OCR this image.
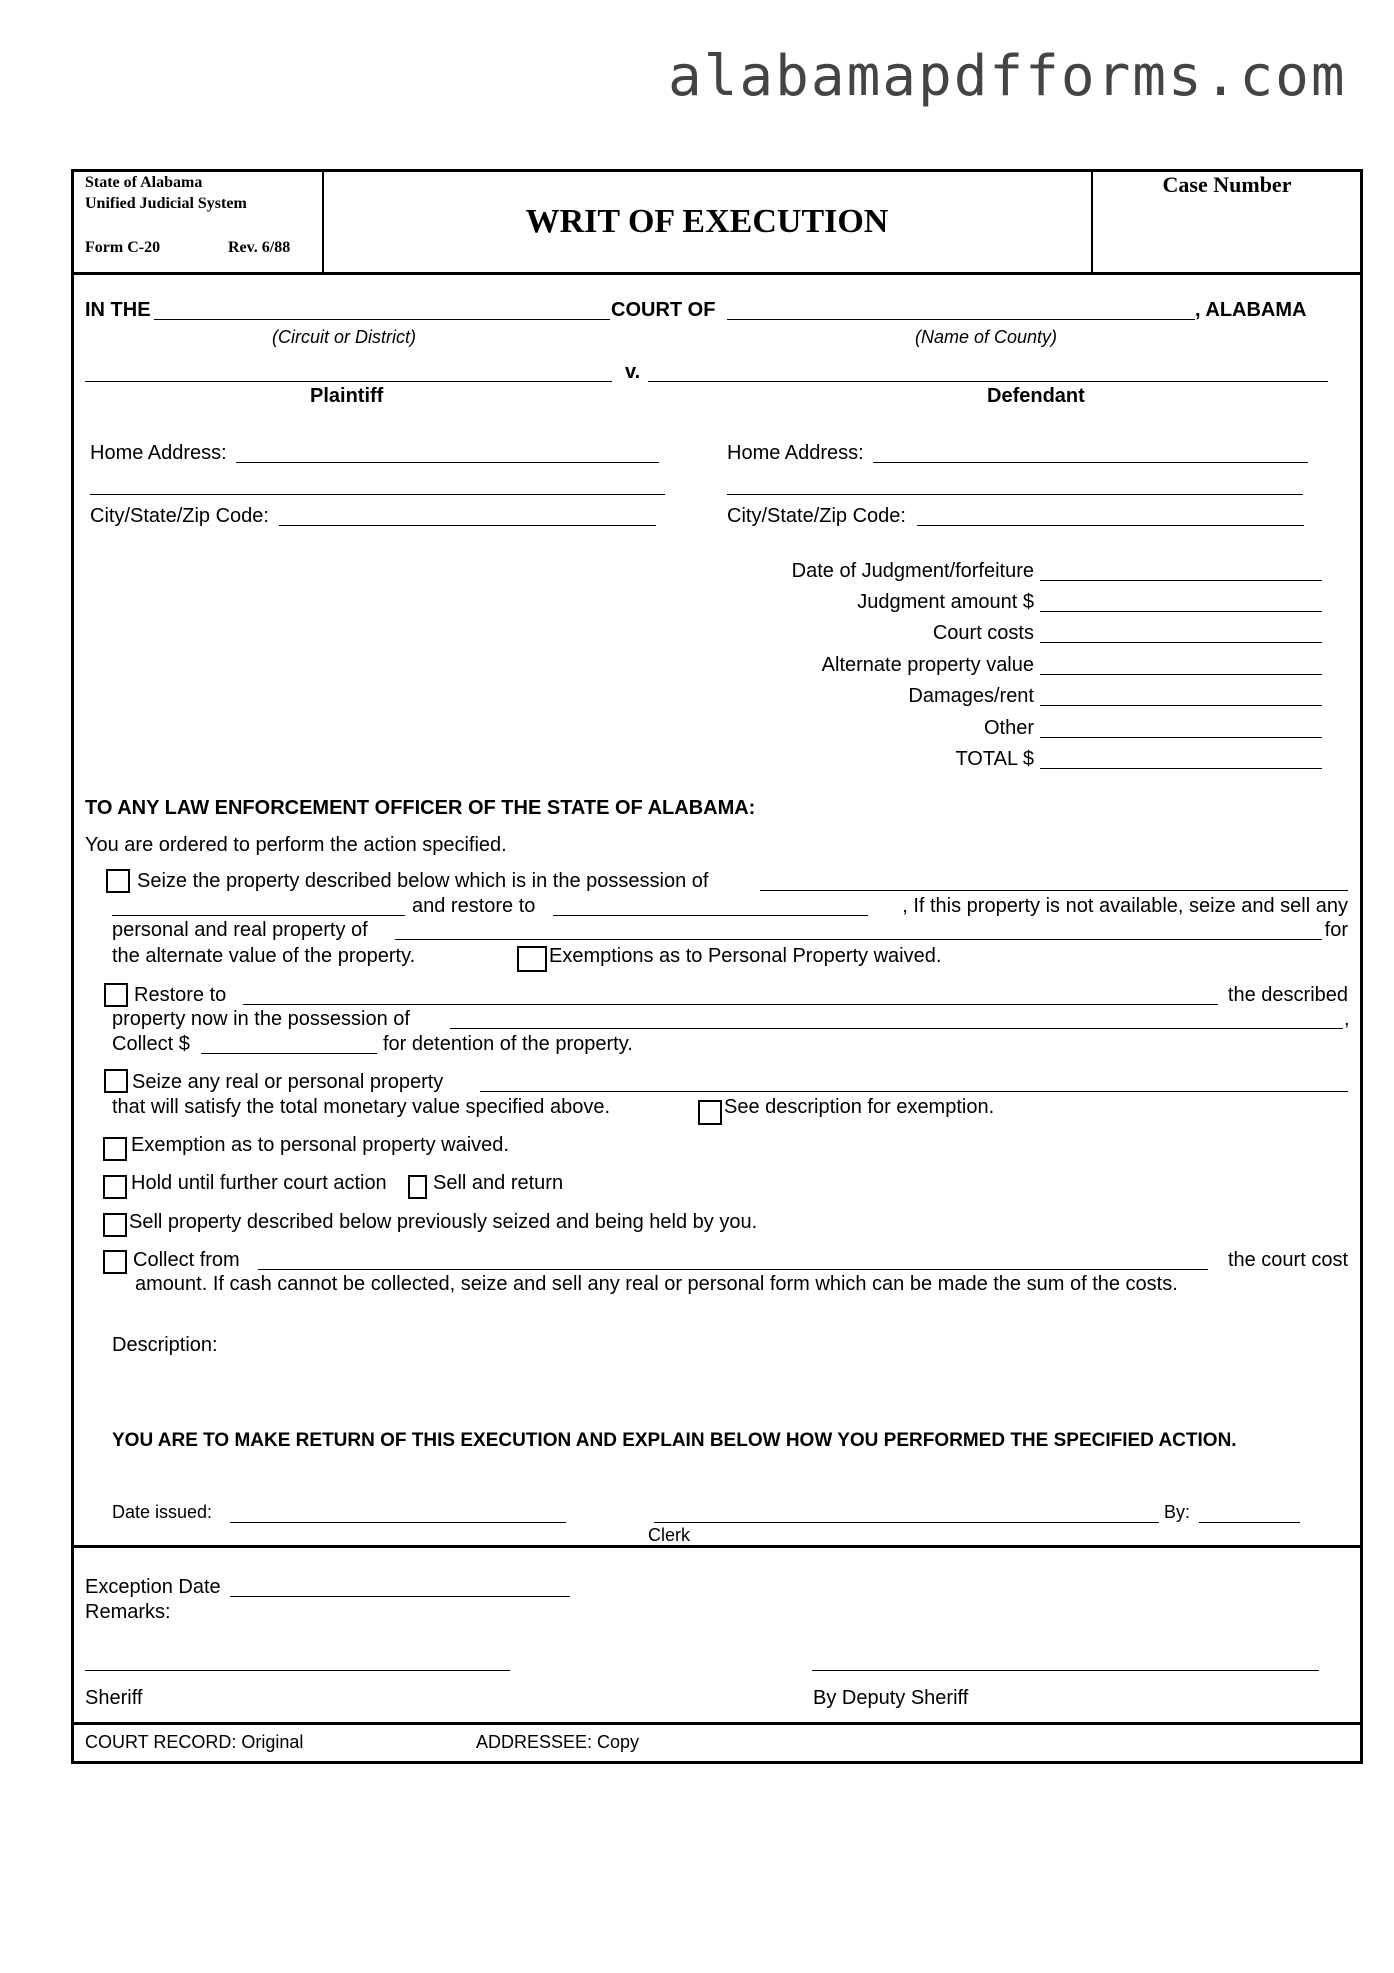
alabamapdfforms.com
State of Alabama
Unified Judicial System
Form C-20	Rev. 6/88
WRIT OF EXECUTION
Case Number
IN THE	COURT OF	, ALABAMA
(Circuit or District)	(Name of County)
v.
Plaintiff	Defendant
Home Address:
City/State/Zip Code:
Home Address:
City/State/Zip Code:
Date of Judgment/forfeiture
Judgment amount $
Court costs
Alternate property value
Damages/rent
Other
TOTAL $
TO ANY LAW ENFORCEMENT OFFICER OF THE STATE OF ALABAMA:
You are ordered to perform the action specified.
Seize the property described below which is in the possession of
and restore to	, If this property is not available, seize and sell any
personal and real property of	for
the alternate value of the property.	Exemptions as to Personal Property waived.
Restore to	the described
property now in the possession of	,
Collect $	for detention of the property.
Seize any real or personal property
that will satisfy the total monetary value specified above.	See description for exemption.
Exemption as to personal property waived.
Hold until further court action Sell and return
Sell property described below previously seized and being held by you.
Collect from	the court cost
amount. If cash cannot be collected, seize and sell any real or personal form which can be made the sum of the costs.
Description:
YOU ARE TO MAKE RETURN OF THIS EXECUTION AND EXPLAIN BELOW HOW YOU PERFORMED THE SPECIFIED ACTION.
Date issued:	By:
Clerk
Exception Date
Remarks:
Sheriff	By Deputy Sheriff
COURT RECORD: Original	ADDRESSEE: Copy
